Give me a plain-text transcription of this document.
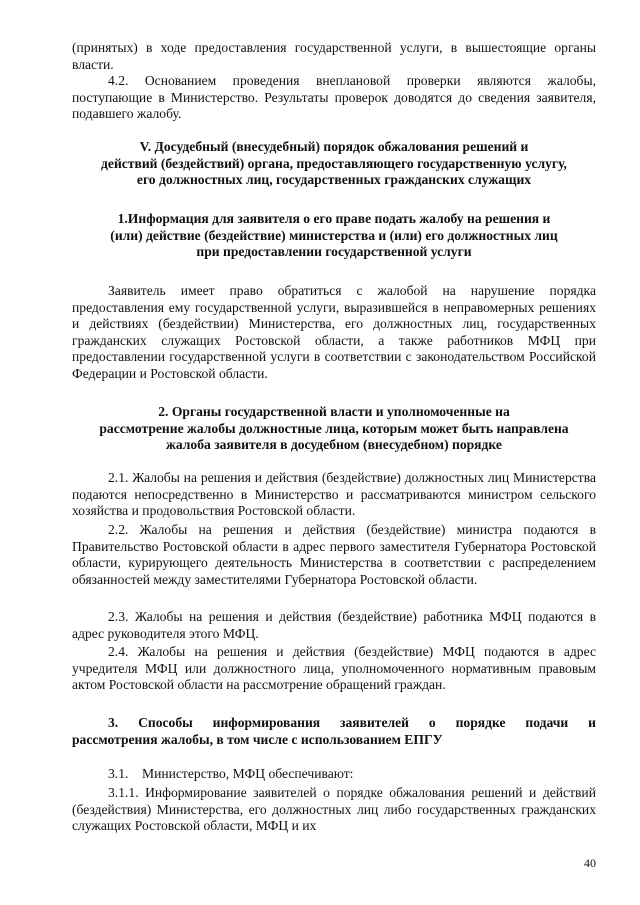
(принятых) в ходе предоставления государственной услуги, в вышестоящие органы власти.

4.2. Основанием проведения внеплановой проверки являются жалобы, поступающие в Министерство. Результаты проверок доводятся до сведения заявителя, подавшего жалобу.

V. Досудебный (внесудебный) порядок обжалования решений и
действий (бездействий) органа, предоставляющего государственную услугу,
его должностных лиц, государственных гражданских служащих
1.Информация для заявителя о его праве подать жалобу на решения и
(или) действие (бездействие) министерства и (или) его должностных лиц
при предоставлении государственной услуги

Заявитель имеет право обратиться с жалобой на нарушение порядка предоставления ему государственной услуги, выразившейся в неправомерных решениях и действиях (бездействии) Министерства, его должностных лиц, государственных гражданских служащих Ростовской области, а также работников МФЦ при предоставлении государственной услуги в соответствии с законодательством Российской Федерации и Ростовской области.

2. Органы государственной власти и уполномоченные на
рассмотрение жалобы должностные лица, которым может быть направлена
жалоба заявителя в досудебном (внесудебном) порядке

2.1. Жалобы на решения и действия (бездействие) должностных лиц Министерства подаются непосредственно в Министерство и рассматриваются министром сельского хозяйства и продовольствия Ростовской области.

2.2. Жалобы на решения и действия (бездействие) министра подаются в Правительство Ростовской области в адрес первого заместителя Губернатора Ростовской области, курирующего деятельность Министерства в соответствии с распределением обязанностей между заместителями Губернатора Ростовской области.

2.3. Жалобы на решения и действия (бездействие) работника МФЦ подаются в адрес руководителя этого МФЦ.

2.4. Жалобы на решения и действия (бездействие) МФЦ подаются в адрес учредителя МФЦ или должностного лица, уполномоченного нормативным правовым актом Ростовской области на рассмотрение обращений граждан.

3. Способы информирования заявителей о порядке подачи и
рассмотрения жалобы, в том числе с использованием ЕПГУ

3.1.    Министерство, МФЦ обеспечивают:

3.1.1. Информирование заявителей о порядке обжалования решений и действий (бездействия) Министерства, его должностных лиц либо государственных гражданских служащих Ростовской области, МФЦ и их

40
